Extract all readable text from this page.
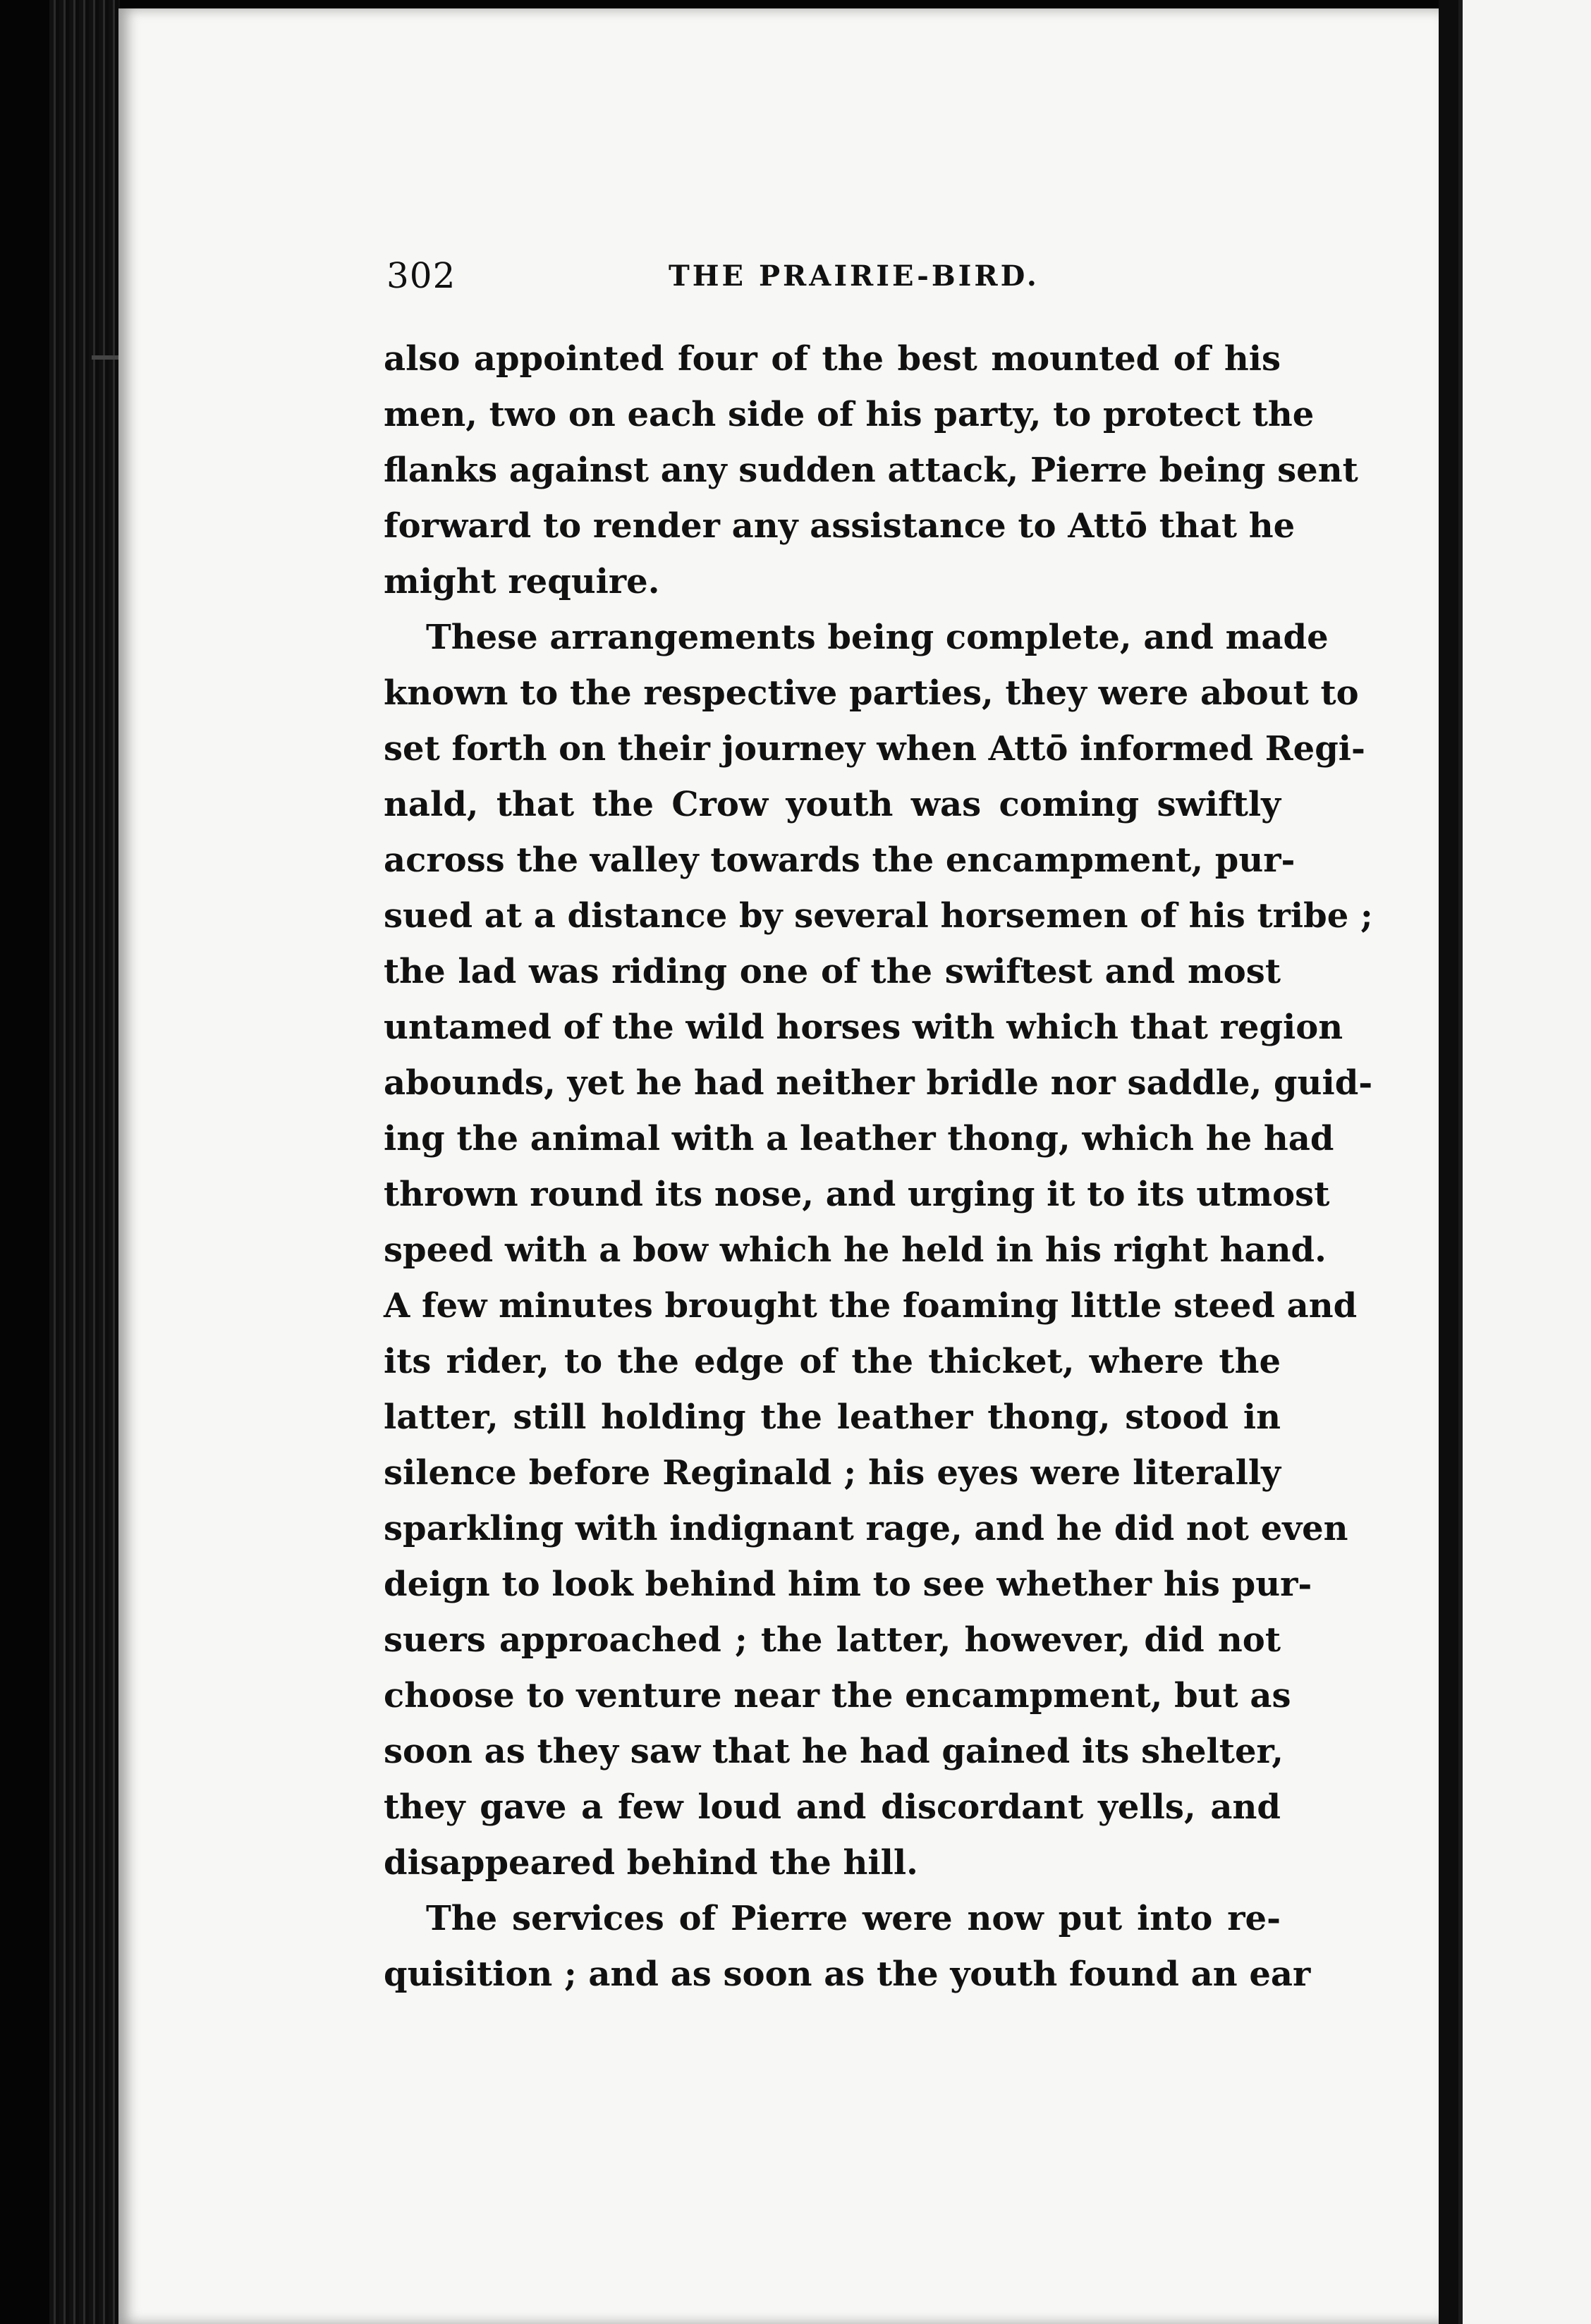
302	THE PRAIRIE-BIRD.
also appointed four of the best mounted of his
men, two on each side of his party, to protect the
flanks against any sudden attack, Pierre being sent
forward to render any assistance to Attō that he
might require.
These arrangements being complete, and made
known to the respective parties, they were about to
set forth on their journey when Attō informed Regi-
nald, that the Crow youth was coming swiftly
across the valley towards the encampment, pur-
sued at a distance by several horsemen of his tribe ;
the lad was riding one of the swiftest and most
untamed of the wild horses with which that region
abounds, yet he had neither bridle nor saddle, guid-
ing the animal with a leather thong, which he had
thrown round its nose, and urging it to its utmost
speed with a bow which he held in his right hand.
A few minutes brought the foaming little steed and
its rider, to the edge of the thicket, where the
latter, still holding the leather thong, stood in
silence before Reginald ; his eyes were literally
sparkling with indignant rage, and he did not even
deign to look behind him to see whether his pur-
suers approached ; the latter, however, did not
choose to venture near the encampment, but as
soon as they saw that he had gained its shelter,
they gave a few loud and discordant yells, and
disappeared behind the hill.
The services of Pierre were now put into re-
quisition ; and as soon as the youth found an ear
